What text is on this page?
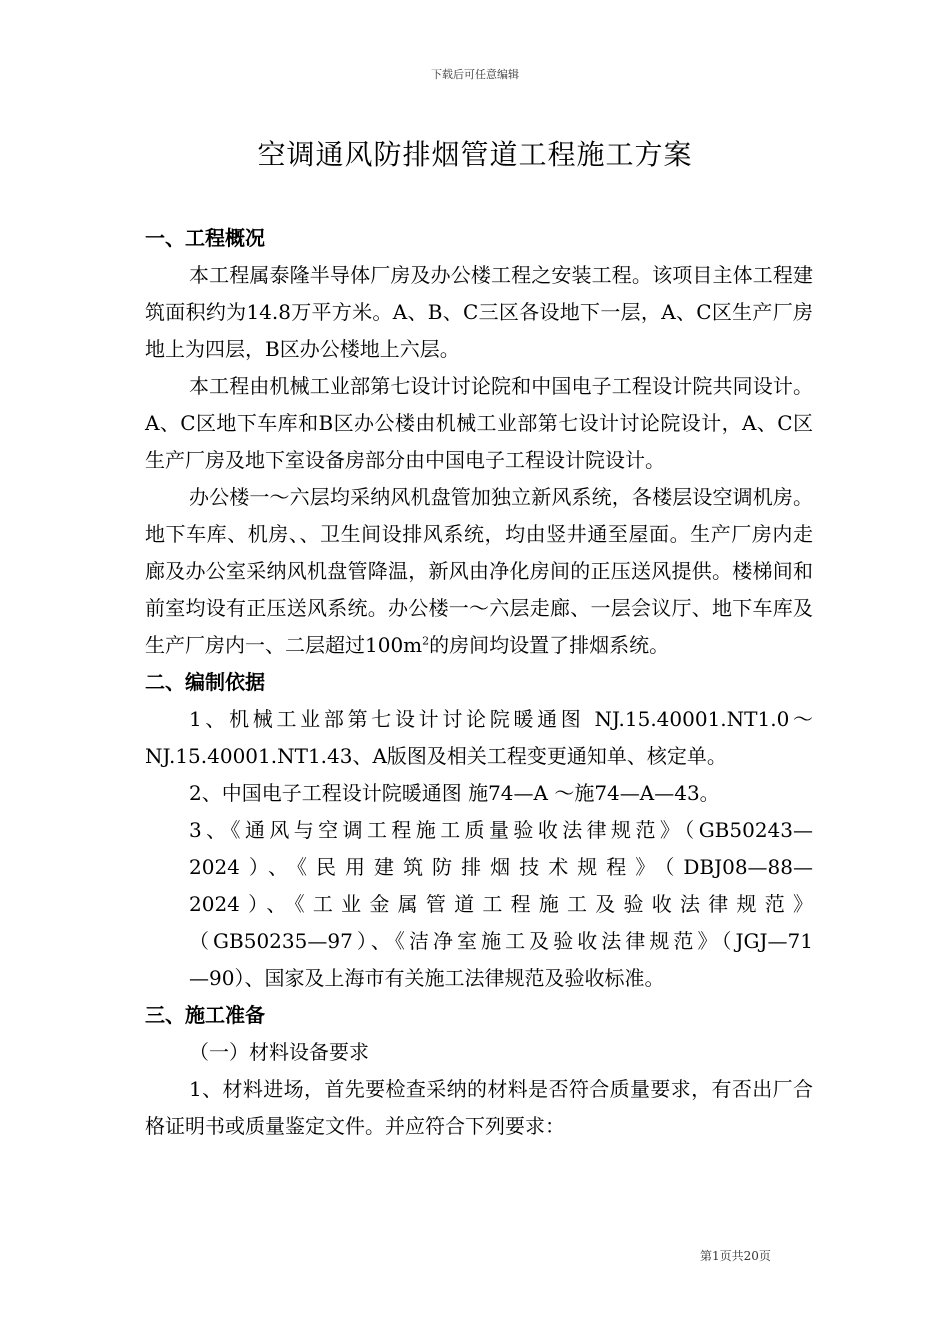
下载后可任意编辑
空调通风防排烟管道工程施工方案

一、工程概况

本工程属泰隆半导体厂房及办公楼工程之安装工程。该项目主体工程建筑面积约为14.8万平方米。A、B、C三区各设地下一层，A、C区生产厂房地上为四层，B区办公楼地上六层。

本工程由机械工业部第七设计讨论院和中国电子工程设计院共同设计。A、C区地下车库和B区办公楼由机械工业部第七设计讨论院设计，A、C区生产厂房及地下室设备房部分由中国电子工程设计院设计。

办公楼一～六层均采纳风机盘管加独立新风系统，各楼层设空调机房。地下车库、机房、、卫生间设排风系统，均由竖井通至屋面。生产厂房内走廊及办公室采纳风机盘管降温，新风由净化房间的正压送风提供。楼梯间和前室均设有正压送风系统。办公楼一～六层走廊、一层会议厅、地下车库及生产厂房内一、二层超过$100m^2$的房间均设置了排烟系统。

二、编制依据

1、机械工业部第七设计讨论院暖通图 NJ.15.40001.NT1.0～NJ.15.40001.NT1.43、A版图及相关工程变更通知单、核定单。

2、中国电子工程设计院暖通图 施74—A ～施74—A—43。

3、《通风与空调工程施工质量验收法律规范》（GB50243—
2024）、《民用建筑防排烟技术规程》（DBJ08—88—
2024）、《工业金属管道工程施工及验收法律规范》
（GB50235—97）、《洁净室施工及验收法律规范》（JGJ—71
—90）、国家及上海市有关施工法律规范及验收标准。

三、施工准备

（一）材料设备要求

1、材料进场，首先要检查采纳的材料是否符合质量要求，有否出厂合格证明书或质量鉴定文件。并应符合下列要求：

第1页共20页
